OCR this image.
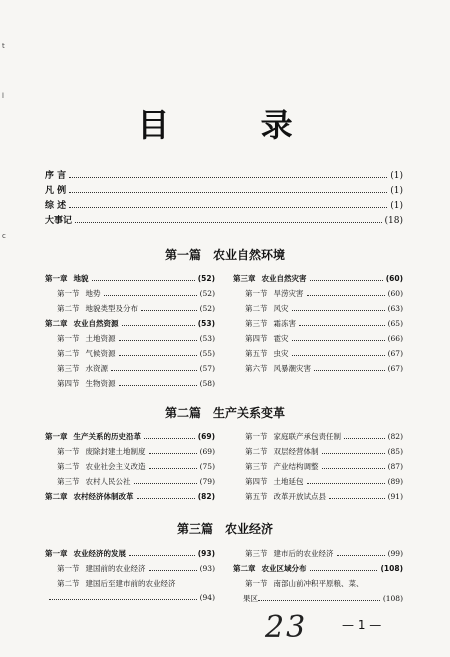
t
l
c
目 录
序 言	(1)
凡 例	(1)
综 述	(1)
大事记	(18)
第一篇　农业自然环境
第一章 地貌	(52)
第一节 地势	(52)
第二节 地貌类型及分布	(52)
第二章 农业自然资源	(53)
第一节 土地资源	(53)
第二节 气候资源	(55)
第三节 水资源	(57)
第四节 生物资源	(58)
第三章 农业自然灾害	(60)
第一节 旱涝灾害	(60)
第二节 风灾	(63)
第三节 霜冻害	(65)
第四节 雹灾	(66)
第五节 虫灾	(67)
第六节 风暴潮灾害	(67)
第二篇　生产关系变革
第一章 生产关系的历史沿革	(69)
第一节 废除封建土地制度	(69)
第二节 农业社会主义改造	(75)
第三节 农村人民公社	(79)
第二章 农村经济体制改革	(82)
第一节 家庭联产承包责任制	(82)
第二节 双层经营体制	(85)
第三节 产业结构调整	(87)
第四节 土地延包	(89)
第五节 改革开放试点县	(91)
第三篇　农业经济
第一章 农业经济的发展	(93)
第一节 建国前的农业经济	(93)
第二节 建国后至建市前的农业经济
(94)
第三节 建市后的农业经济	(99)
第二章 农业区域分布	(108)
第一节 南部山前冲积平原粮、菜、
果区	(108)
23	— 1 —
